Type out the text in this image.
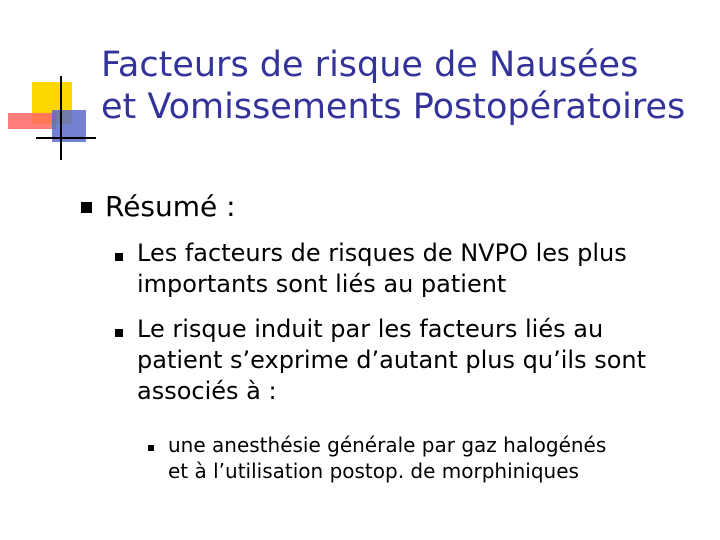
Facteurs de risque de Nausées
et Vomissements Postopératoires
Résumé :
Les facteurs de risques de NVPO les plus
importants sont liés au patient
Le risque induit par les facteurs liés au
patient s’exprime d’autant plus qu’ils sont
associés à :
une anesthésie générale par gaz halogénés
et à l’utilisation postop. de morphiniques
